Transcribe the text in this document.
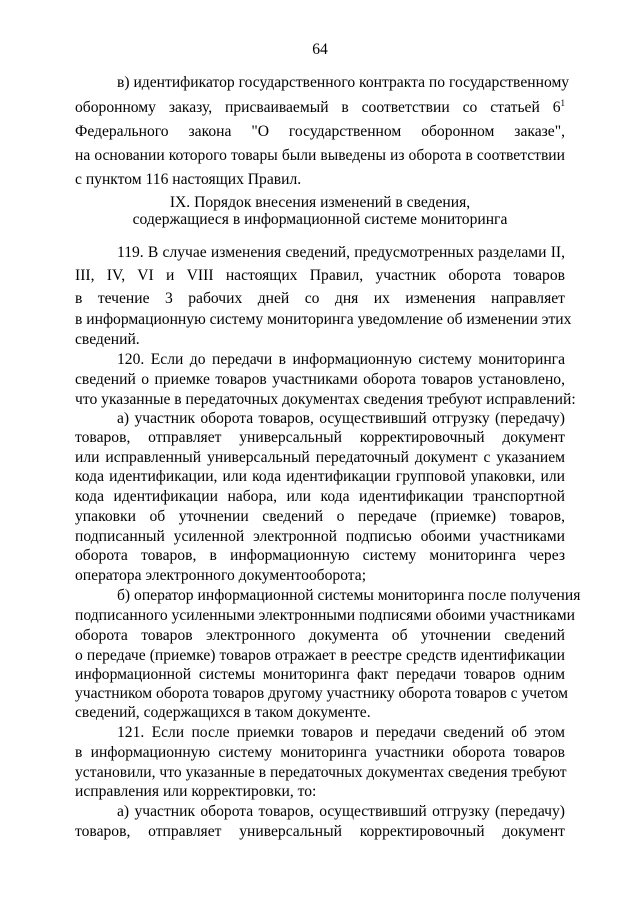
64

в) идентификатор государственного контракта по государственному

оборонному заказу, присваиваемый в соответствии со статьей $6^1$

Федерального закона "О государственном оборонном заказе",

на основании которого товары были выведены из оборота в соответствии

с пунктом 116 настоящих Правил.

IX. Порядок внесения изменений в сведения,

содержащиеся в информационной системе мониторинга

119. В случае изменения сведений, предусмотренных разделами II,

III, IV, VI и VIII настоящих Правил, участник оборота товаров

в течение 3 рабочих дней со дня их изменения направляет

в информационную систему мониторинга уведомление об изменении этих

сведений.

120. Если до передачи в информационную систему мониторинга

сведений о приемке товаров участниками оборота товаров установлено,

что указанные в передаточных документах сведения требуют исправлений:

а) участник оборота товаров, осуществивший отгрузку (передачу)

товаров, отправляет универсальный корректировочный документ

или исправленный универсальный передаточный документ с указанием

кода идентификации, или кода идентификации групповой упаковки, или

кода идентификации набора, или кода идентификации транспортной

упаковки об уточнении сведений о передаче (приемке) товаров,

подписанный усиленной электронной подписью обоими участниками

оборота товаров, в информационную систему мониторинга через

оператора электронного документооборота;

б) оператор информационной системы мониторинга после получения

подписанного усиленными электронными подписями обоими участниками

оборота товаров электронного документа об уточнении сведений

о передаче (приемке) товаров отражает в реестре средств идентификации

информационной системы мониторинга факт передачи товаров одним

участником оборота товаров другому участнику оборота товаров с учетом

сведений, содержащихся в таком документе.

121. Если после приемки товаров и передачи сведений об этом

в информационную систему мониторинга участники оборота товаров

установили, что указанные в передаточных документах сведения требуют

исправления или корректировки, то:

а) участник оборота товаров, осуществивший отгрузку (передачу)

товаров, отправляет универсальный корректировочный документ
